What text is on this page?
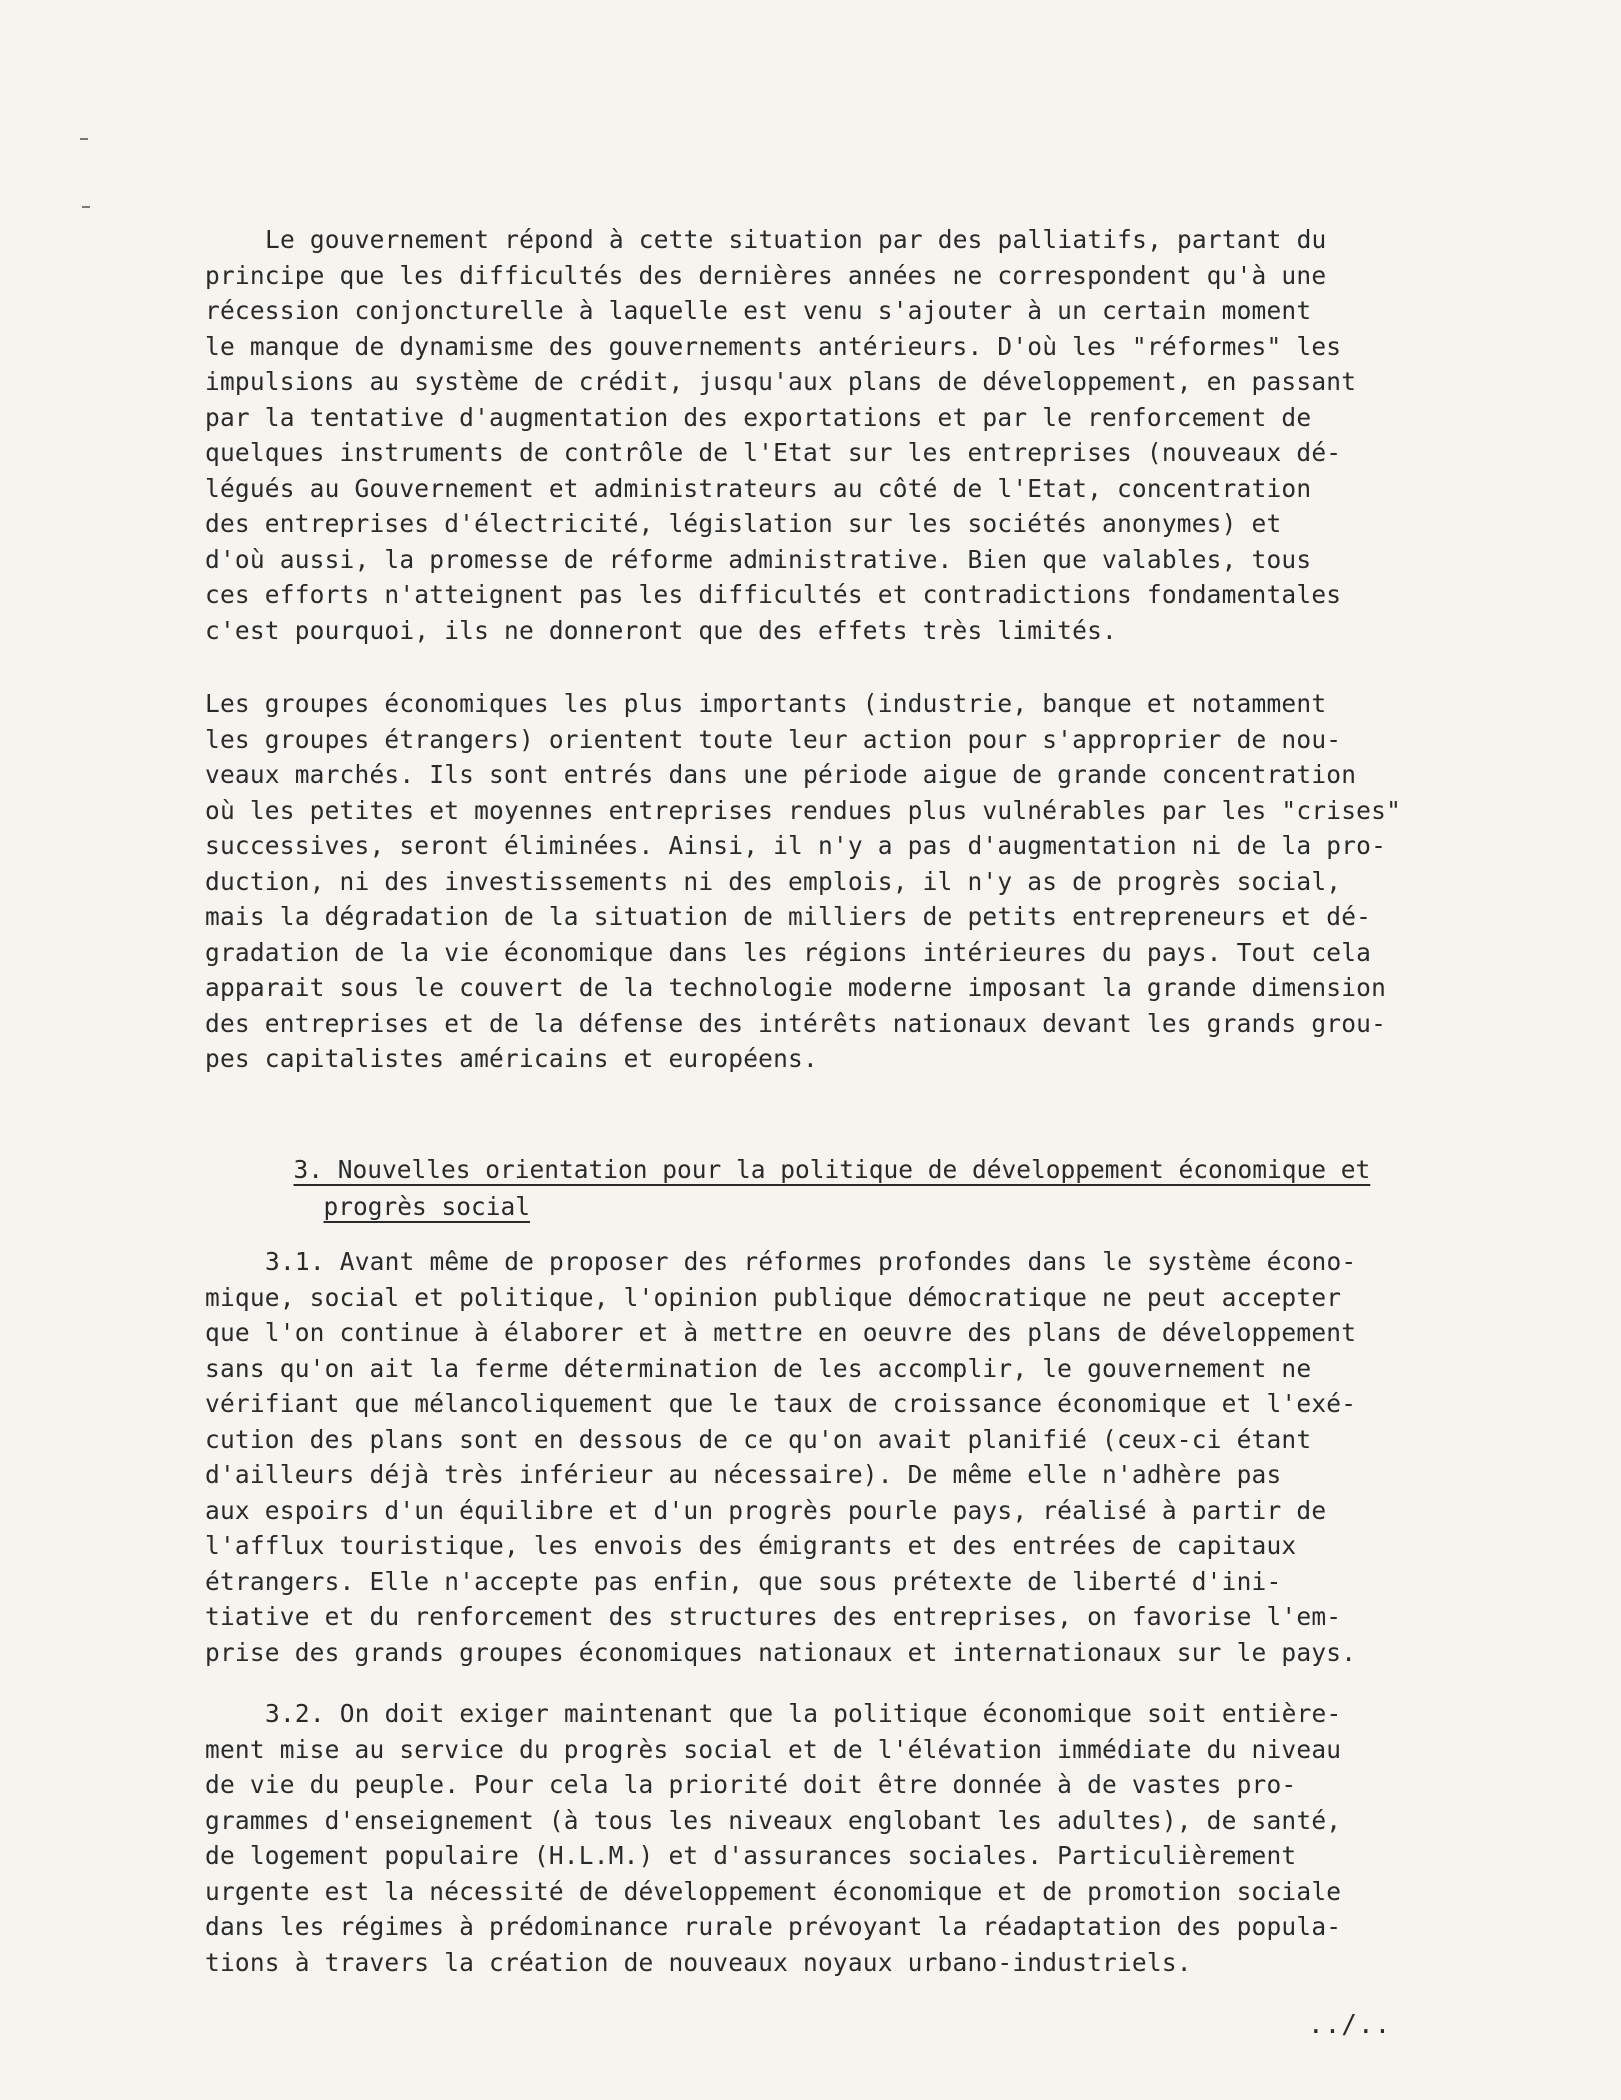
Le gouvernement répond à cette situation par des palliatifs, partant du
principe que les difficultés des dernières années ne correspondent qu'à une
récession conjoncturelle à laquelle est venu s'ajouter à un certain moment
le manque de dynamisme des gouvernements antérieurs. D'où les "réformes" les
impulsions au système de crédit, jusqu'aux plans de développement, en passant
par la tentative d'augmentation des exportations et par le renforcement de
quelques instruments de contrôle de l'Etat sur les entreprises (nouveaux dé-
légués au Gouvernement et administrateurs au côté de l'Etat, concentration
des entreprises d'électricité, législation sur les sociétés anonymes) et
d'où aussi, la promesse de réforme administrative. Bien que valables, tous
ces efforts n'atteignent pas les difficultés et contradictions fondamentales
c'est pourquoi, ils ne donneront que des effets très limités.
Les groupes économiques les plus importants (industrie, banque et notamment
les groupes étrangers) orientent toute leur action pour s'approprier de nou-
veaux marchés. Ils sont entrés dans une période aigue de grande concentration
où les petites et moyennes entreprises rendues plus vulnérables par les "crises"
successives, seront éliminées. Ainsi, il n'y a pas d'augmentation ni de la pro-
duction, ni des investissements ni des emplois, il n'y as de progrès social,
mais la dégradation de la situation de milliers de petits entrepreneurs et dé-
gradation de la vie économique dans les régions intérieures du pays. Tout cela
apparait sous le couvert de la technologie moderne imposant la grande dimension
des entreprises et de la défense des intérêts nationaux devant les grands grou-
pes capitalistes américains et européens.

3. Nouvelles orientation pour la politique de développement économique et

progrès social

3.1. Avant même de proposer des réformes profondes dans le système écono-
mique, social et politique, l'opinion publique démocratique ne peut accepter
que l'on continue à élaborer et à mettre en oeuvre des plans de développement
sans qu'on ait la ferme détermination de les accomplir, le gouvernement ne
vérifiant que mélancoliquement que le taux de croissance économique et l'exé-
cution des plans sont en dessous de ce qu'on avait planifié (ceux-ci étant
d'ailleurs déjà très inférieur au nécessaire). De même elle n'adhère pas
aux espoirs d'un équilibre et d'un progrès pourle pays, réalisé à partir de
l'afflux touristique, les envois des émigrants et des entrées de capitaux
étrangers. Elle n'accepte pas enfin, que sous prétexte de liberté d'ini-
tiative et du renforcement des structures des entreprises, on favorise l'em-
prise des grands groupes économiques nationaux et internationaux sur le pays.
3.2. On doit exiger maintenant que la politique économique soit entière-
ment mise au service du progrès social et de l'élévation immédiate du niveau
de vie du peuple. Pour cela la priorité doit être donnée à de vastes pro-
grammes d'enseignement (à tous les niveaux englobant les adultes), de santé,
de logement populaire (H.L.M.) et d'assurances sociales. Particulièrement
urgente est la nécessité de développement économique et de promotion sociale
dans les régimes à prédominance rurale prévoyant la réadaptation des popula-
tions à travers la création de nouveaux noyaux urbano-industriels.
../..
